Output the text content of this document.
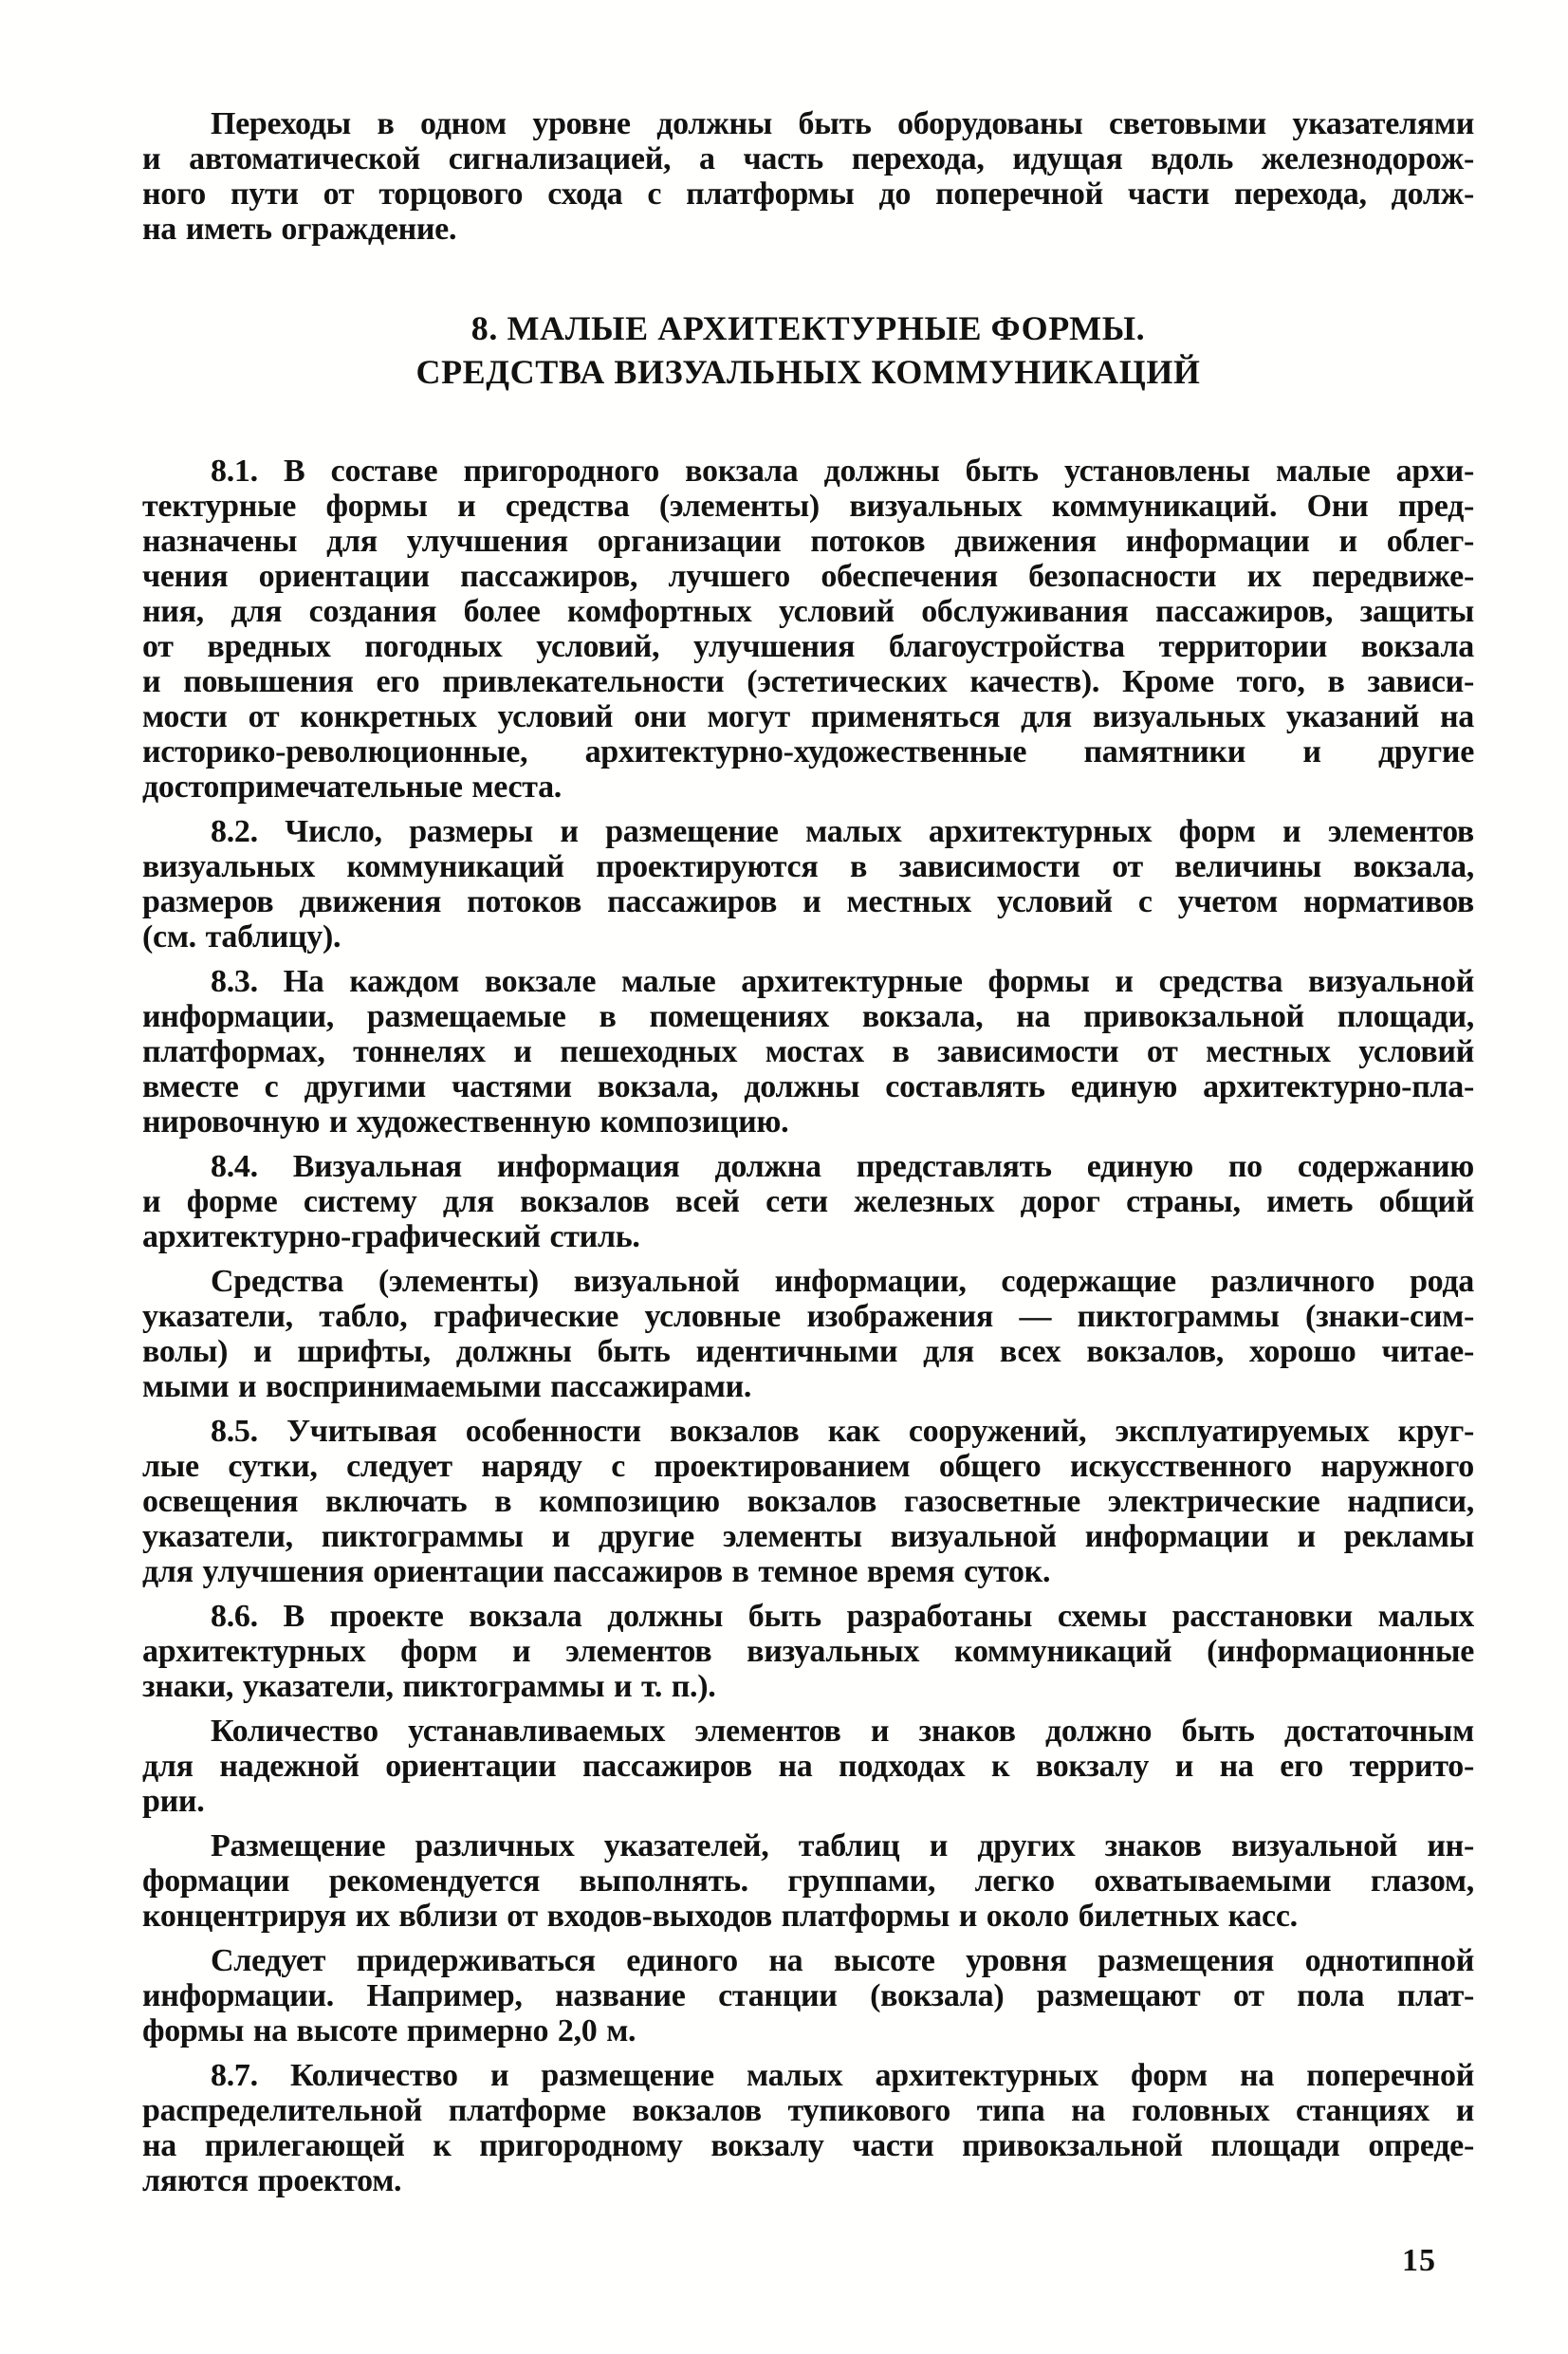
Переходы в одном уровне должны быть оборудованы световыми указателями
и автоматической сигнализацией, а часть перехода, идущая вдоль железнодорож-
ного пути от торцового схода с платформы до поперечной части перехода, долж-
на иметь ограждение.
8. МАЛЫЕ АРХИТЕКТУРНЫЕ ФОРМЫ.
СРЕДСТВА ВИЗУАЛЬНЫХ КОММУНИКАЦИЙ
8.1. В составе пригородного вокзала должны быть установлены малые архи-
тектурные формы и средства (элементы) визуальных коммуникаций. Они пред-
назначены для улучшения организации потоков движения информации и облег-
чения ориентации пассажиров, лучшего обеспечения безопасности их передвиже-
ния, для создания более комфортных условий обслуживания пассажиров, защиты
от вредных погодных условий, улучшения благоустройства территории вокзала
и повышения его привлекательности (эстетических качеств). Кроме того, в зависи-
мости от конкретных условий они могут применяться для визуальных указаний на
историко-революционные, архитектурно-художественные памятники и другие
достопримечательные места.
8.2. Число, размеры и размещение малых архитектурных форм и элементов
визуальных коммуникаций проектируются в зависимости от величины вокзала,
размеров движения потоков пассажиров и местных условий с учетом нормативов
(см. таблицу).
8.3. На каждом вокзале малые архитектурные формы и средства визуальной
информации, размещаемые в помещениях вокзала, на привокзальной площади,
платформах, тоннелях и пешеходных мостах в зависимости от местных условий
вместе с другими частями вокзала, должны составлять единую архитектурно-пла-
нировочную и художественную композицию.
8.4. Визуальная информация должна представлять единую по содержанию
и форме систему для вокзалов всей сети железных дорог страны, иметь общий
архитектурно-графический стиль.
Средства (элементы) визуальной информации, содержащие различного рода
указатели, табло, графические условные изображения — пиктограммы (знаки-сим-
волы) и шрифты, должны быть идентичными для всех вокзалов, хорошо читае-
мыми и воспринимаемыми пассажирами.
8.5. Учитывая особенности вокзалов как сооружений, эксплуатируемых круг-
лые сутки, следует наряду с проектированием общего искусственного наружного
освещения включать в композицию вокзалов газосветные электрические надписи,
указатели, пиктограммы и другие элементы визуальной информации и рекламы
для улучшения ориентации пассажиров в темное время суток.
8.6. В проекте вокзала должны быть разработаны схемы расстановки малых
архитектурных форм и элементов визуальных коммуникаций (информационные
знаки, указатели, пиктограммы и т. п.).
Количество устанавливаемых элементов и знаков должно быть достаточным
для надежной ориентации пассажиров на подходах к вокзалу и на его террито-
рии.
Размещение различных указателей, таблиц и других знаков визуальной ин-
формации рекомендуется выполнять. группами, легко охватываемыми глазом,
концентрируя их вблизи от входов-выходов платформы и около билетных касс.
Следует придерживаться единого на высоте уровня размещения однотипной
информации. Например, название станции (вокзала) размещают от пола плат-
формы на высоте примерно 2,0 м.
8.7. Количество и размещение малых архитектурных форм на поперечной
распределительной платформе вокзалов тупикового типа на головных станциях и
на прилегающей к пригородному вокзалу части привокзальной площади опреде-
ляются проектом.
15
